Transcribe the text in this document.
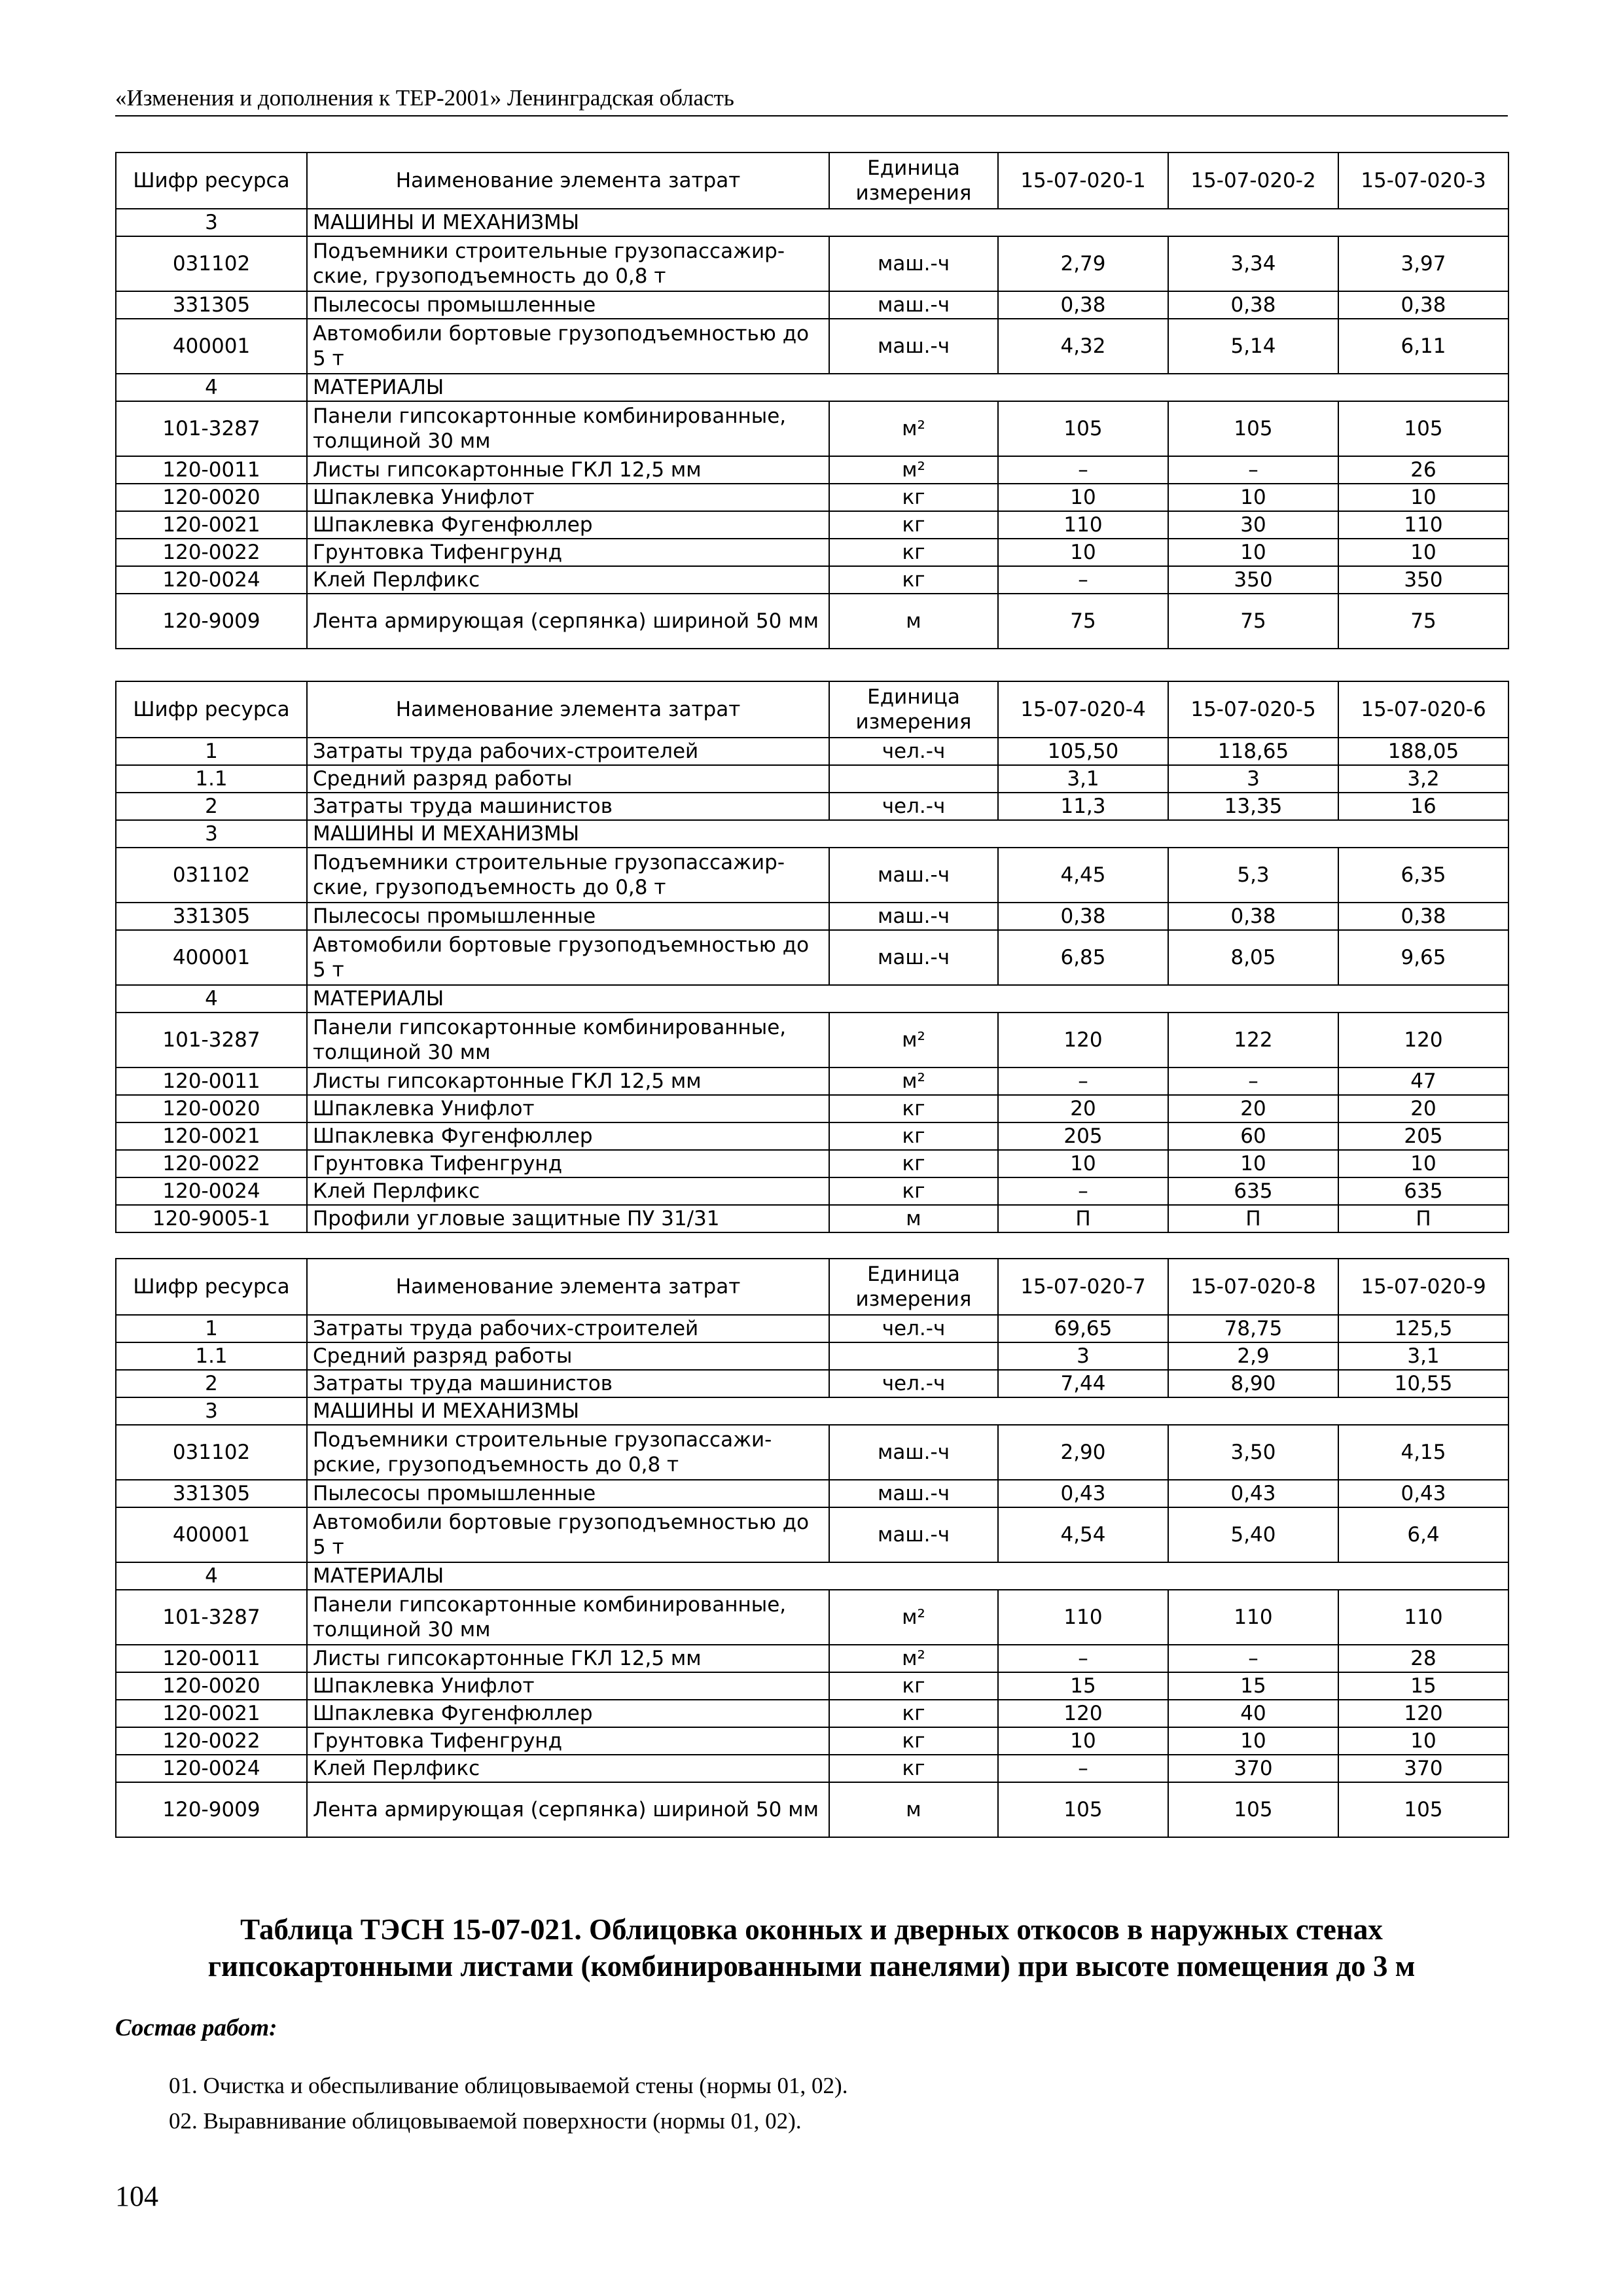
«Изменения и дополнения к ТЕР-2001» Ленинградская область
Шифр ресурса	Наименование элемента затрат	Единица измерения	15-07-020-1	15-07-020-2	15-07-020-3
3	МАШИНЫ И МЕХАНИЗМЫ				
031102	Подъемники строительные грузопассажир-ские, грузоподъемность до 0,8 т	маш.-ч	2,79	3,34	3,97
331305	Пылесосы промышленные	маш.-ч	0,38	0,38	0,38
400001	Автомобили бортовые грузоподъемностью до 5 т	маш.-ч	4,32	5,14	6,11
4	МАТЕРИАЛЫ				
101-3287	Панели гипсокартонные комбинированные, толщиной 30 мм	м²	105	105	105
120-0011	Листы гипсокартонные ГКЛ 12,5 мм	м²	–	–	26
120-0020	Шпаклевка Унифлот	кг	10	10	10
120-0021	Шпаклевка Фугенфюллер	кг	110	30	110
120-0022	Грунтовка Тифенгрунд	кг	10	10	10
120-0024	Клей Перлфикс	кг	–	350	350
120-9009	Лента армирующая (серпянка) шириной 50 мм	м	75	75	75
Шифр ресурса	Наименование элемента затрат	Единица измерения	15-07-020-4	15-07-020-5	15-07-020-6
1	Затраты труда рабочих-строителей	чел.-ч	105,50	118,65	188,05
1.1	Средний разряд работы		3,1	3	3,2
2	Затраты труда машинистов	чел.-ч	11,3	13,35	16
3	МАШИНЫ И МЕХАНИЗМЫ				
031102	Подъемники строительные грузопассажир-ские, грузоподъемность до 0,8 т	маш.-ч	4,45	5,3	6,35
331305	Пылесосы промышленные	маш.-ч	0,38	0,38	0,38
400001	Автомобили бортовые грузоподъемностью до 5 т	маш.-ч	6,85	8,05	9,65
4	МАТЕРИАЛЫ				
101-3287	Панели гипсокартонные комбинированные, толщиной 30 мм	м²	120	122	120
120-0011	Листы гипсокартонные ГКЛ 12,5 мм	м²	–	–	47
120-0020	Шпаклевка Унифлот	кг	20	20	20
120-0021	Шпаклевка Фугенфюллер	кг	205	60	205
120-0022	Грунтовка Тифенгрунд	кг	10	10	10
120-0024	Клей Перлфикс	кг	–	635	635
120-9005-1	Профили угловые защитные ПУ 31/31	м	П	П	П
Шифр ресурса	Наименование элемента затрат	Единица измерения	15-07-020-7	15-07-020-8	15-07-020-9
1	Затраты труда рабочих-строителей	чел.-ч	69,65	78,75	125,5
1.1	Средний разряд работы		3	2,9	3,1
2	Затраты труда машинистов	чел.-ч	7,44	8,90	10,55
3	МАШИНЫ И МЕХАНИЗМЫ				
031102	Подъемники строительные грузопассажи-рские, грузоподъемность до 0,8 т	маш.-ч	2,90	3,50	4,15
331305	Пылесосы промышленные	маш.-ч	0,43	0,43	0,43
400001	Автомобили бортовые грузоподъемностью до 5 т	маш.-ч	4,54	5,40	6,4
4	МАТЕРИАЛЫ				
101-3287	Панели гипсокартонные комбинированные, толщиной 30 мм	м²	110	110	110
120-0011	Листы гипсокартонные ГКЛ 12,5 мм	м²	–	–	28
120-0020	Шпаклевка Унифлот	кг	15	15	15
120-0021	Шпаклевка Фугенфюллер	кг	120	40	120
120-0022	Грунтовка Тифенгрунд	кг	10	10	10
120-0024	Клей Перлфикс	кг	–	370	370
120-9009	Лента армирующая (серпянка) шириной 50 мм	м	105	105	105
Таблица ТЭСН 15-07-021. Облицовка оконных и дверных откосов в наружных стенах гипсокартонными листами (комбинированными панелями) при высоте помещения до 3 м
Состав работ:
01. Очистка и обеспыливание облицовываемой стены (нормы 01, 02).
02. Выравнивание облицовываемой поверхности (нормы 01, 02).
104
